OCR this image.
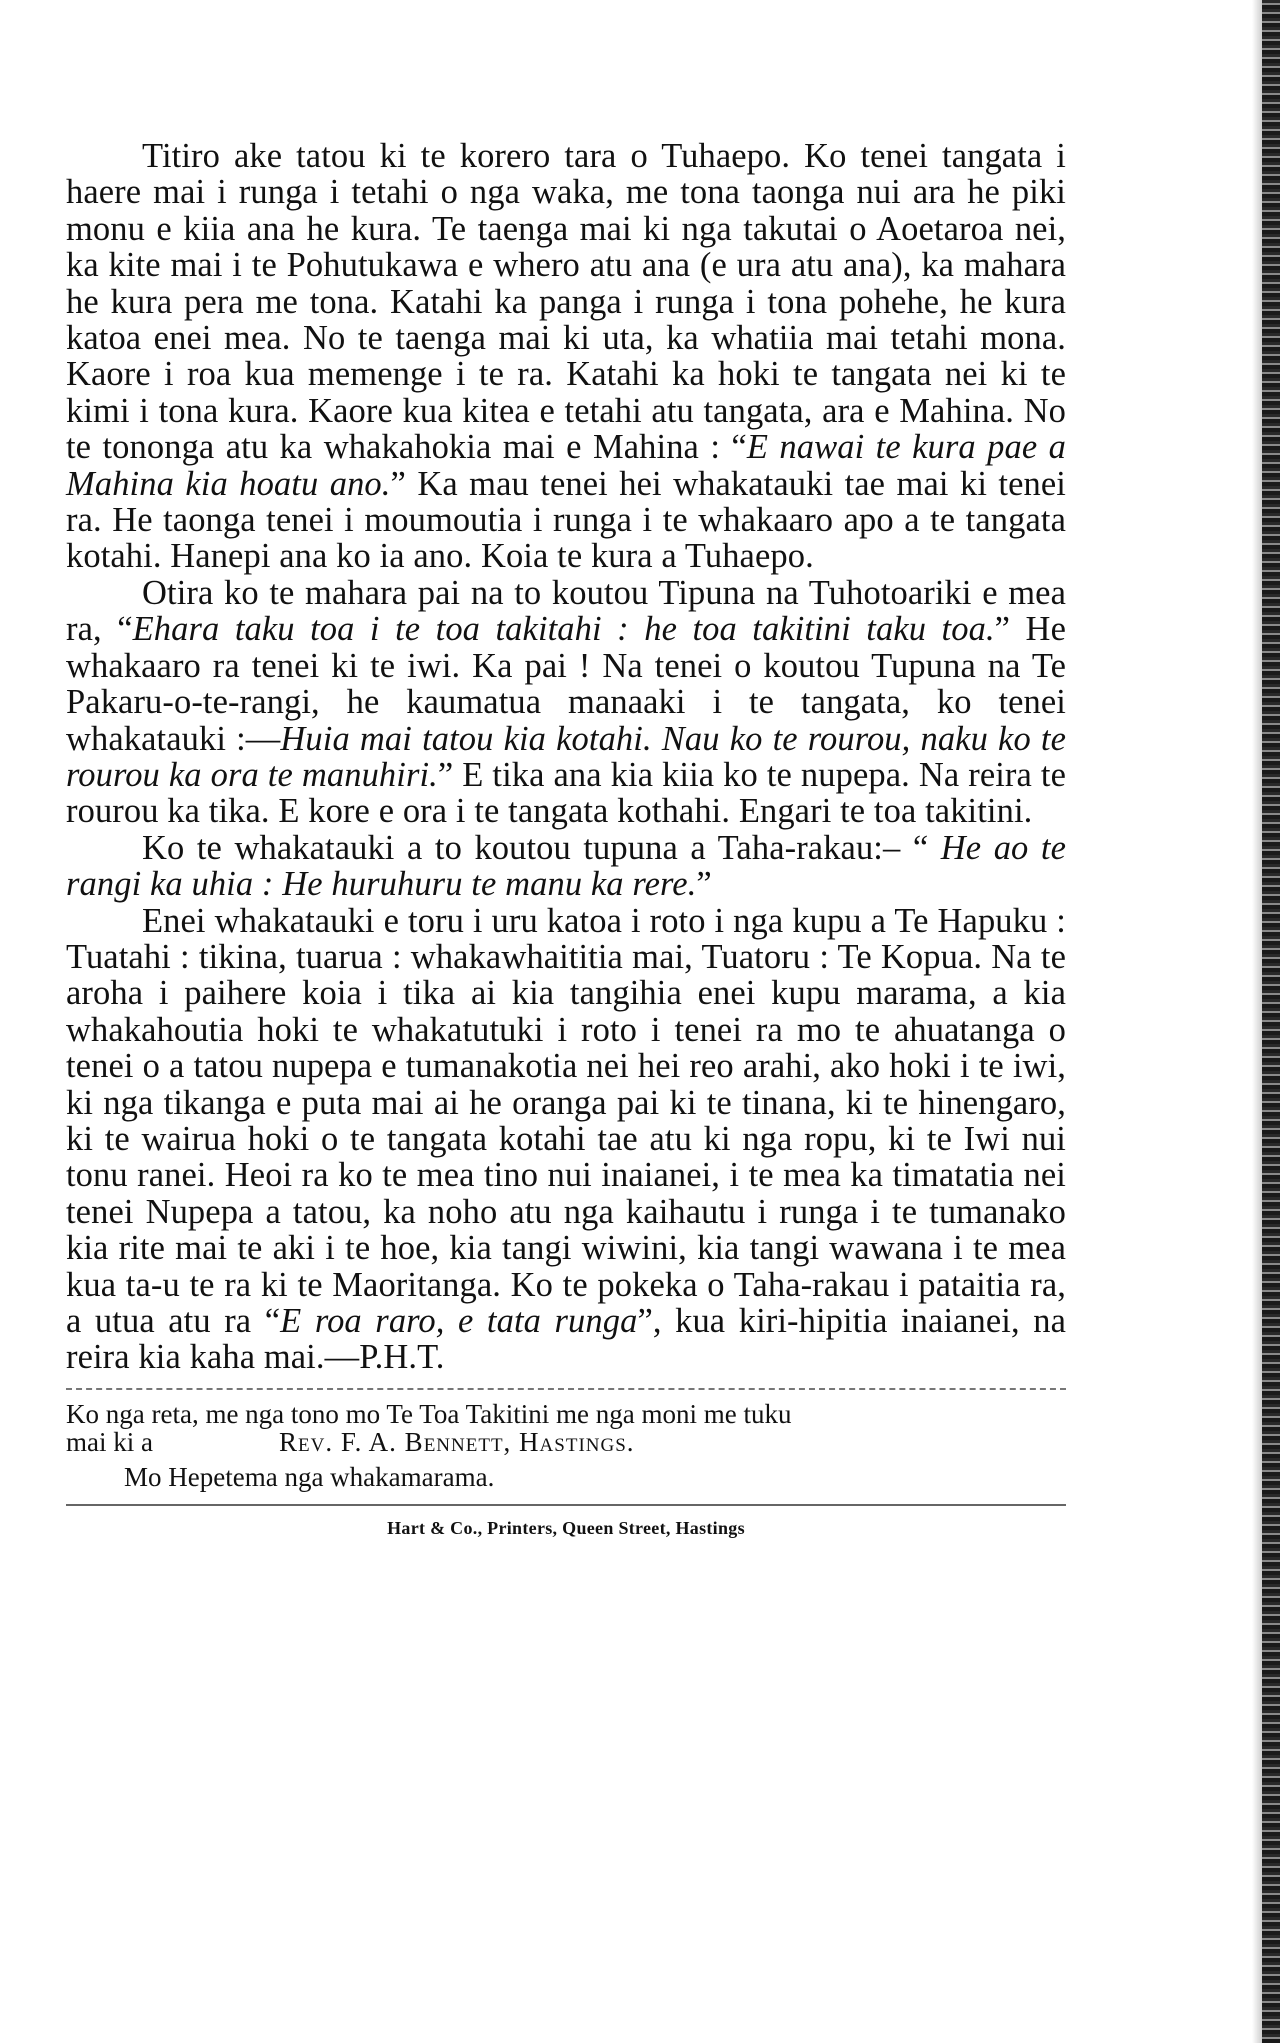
Titiro ake tatou ki te korero tara o Tuhaepo. Ko tenei tangata i haere mai i runga i tetahi o nga waka, me tona taonga nui ara he piki monu e kiia ana he kura. Te taenga mai ki nga takutai o Aoetaroa nei, ka kite mai i te Pohutukawa e whero atu ana (e ura atu ana), ka mahara he kura pera me tona. Katahi ka panga i runga i tona pohehe, he kura katoa enei mea. No te taenga mai ki uta, ka whatiia mai tetahi mona. Kaore i roa kua memenge i te ra. Katahi ka hoki te tangata nei ki te kimi i tona kura. Kaore kua kitea e tetahi atu tangata, ara e Mahina. No te tononga atu ka whakahokia mai e Mahina : “E nawai te kura pae a Mahina kia hoatu ano.” Ka mau tenei hei whakatauki tae mai ki tenei ra. He taonga tenei i moumoutia i runga i te whakaaro apo a te tangata kotahi. Hanepi ana ko ia ano. Koia te kura a Tuhaepo.

Otira ko te mahara pai na to koutou Tipuna na Tuhotoariki e mea ra, “Ehara taku toa i te toa takitahi : he toa takitini taku toa.” He whakaaro ra tenei ki te iwi. Ka pai ! Na tenei o koutou Tupuna na Te Pakaru-o-te-rangi, he kaumatua manaaki i te tangata, ko tenei whakatauki :—Huia mai tatou kia kotahi. Nau ko te rourou, naku ko te rourou ka ora te manuhiri.” E tika ana kia kiia ko te nupepa. Na reira te rourou ka tika. E kore e ora i te tangata kothahi. Engari te toa takitini.

Ko te whakatauki a to koutou tupuna a Taha-rakau:– “ He ao te rangi ka uhia : He huruhuru te manu ka rere.”

Enei whakatauki e toru i uru katoa i roto i nga kupu a Te Hapuku : Tuatahi : tikina, tuarua : whakawhaititia mai, Tuatoru : Te Kopua. Na te aroha i paihere koia i tika ai kia tangihia enei kupu marama, a kia whakahoutia hoki te whakatutuki i roto i tenei ra mo te ahuatanga o tenei o a tatou nupepa e tumanakotia nei hei reo arahi, ako hoki i te iwi, ki nga tikanga e puta mai ai he oranga pai ki te tinana, ki te hinengaro, ki te wairua hoki o te tangata kotahi tae atu ki nga ropu, ki te Iwi nui tonu ranei. Heoi ra ko te mea tino nui inaianei, i te mea ka timatatia nei tenei Nupepa a tatou, ka noho atu nga kaihautu i runga i te tumanako kia rite mai te aki i te hoe, kia tangi wiwini, kia tangi wawana i te mea kua ta-u te ra ki te Maoritanga. Ko te pokeka o Taha-rakau i pataitia ra, a utua atu ra “E roa raro, e tata runga”, kua kiri-hipitia inaianei, na reira kia kaha mai.—P.H.T.

Ko nga reta, me nga tono mo Te Toa Takitini me nga moni me tuku

mai ki a	Rev. F. A. Bennett, Hastings.

Mo Hepetema nga whakamarama.

Hart & Co., Printers, Queen Street, Hastings
